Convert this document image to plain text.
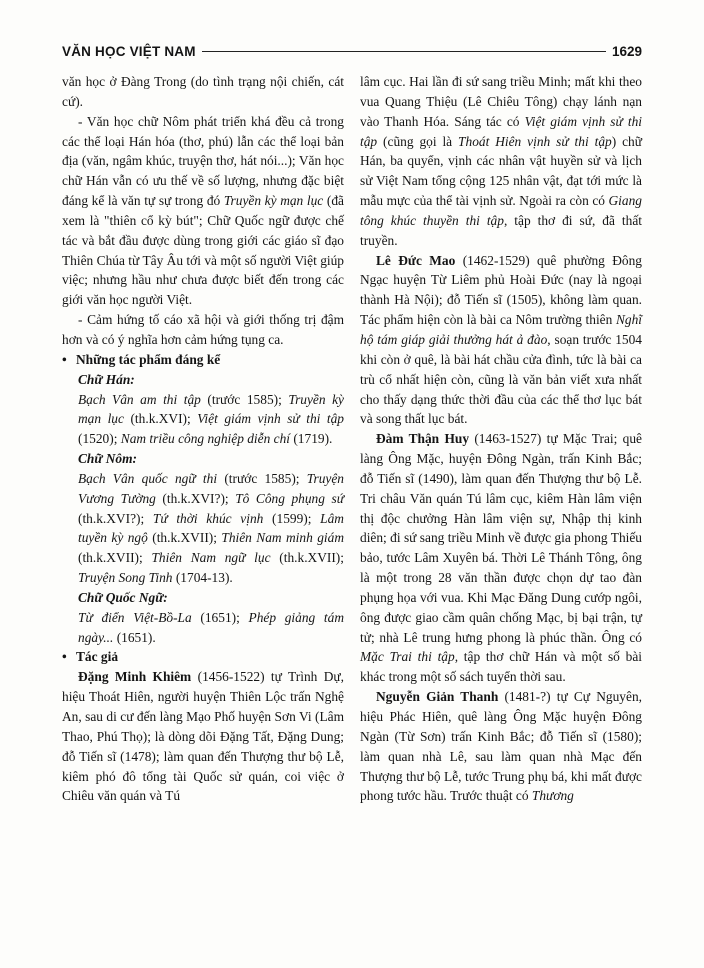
VĂN HỌC VIỆT NAM	1629

văn học ở Đàng Trong (do tình trạng nội chiến, cát cứ).

- Văn học chữ Nôm phát triển khá đều cả trong các thể loại Hán hóa (thơ, phú) lẫn các thể loại bản địa (văn, ngâm khúc, truyện thơ, hát nói...); Văn học chữ Hán vẫn có ưu thế về số lượng, nhưng đặc biệt đáng kể là văn tự sự trong đó Truyền kỳ mạn lục (đã xem là "thiên cổ kỳ bút"; Chữ Quốc ngữ được chế tác và bắt đầu được dùng trong giới các giáo sĩ đạo Thiên Chúa từ Tây Âu tới và một số người Việt giúp việc; nhưng hầu như chưa được biết đến trong các giới văn học người Việt.

- Cảm hứng tố cáo xã hội và giới thống trị đậm hơn và có ý nghĩa hơn cảm hứng tụng ca.

• Những tác phẩm đáng kể

Chữ Hán:

Bạch Vân am thi tập (trước 1585); Truyền kỳ mạn lục (th.k.XVI); Việt giám vịnh sử thi tập (1520); Nam triều công nghiệp diễn chí (1719).

Chữ Nôm:

Bạch Vân quốc ngữ thi (trước 1585); Truyện Vương Tường (th.k.XVI?); Tô Công phụng sứ (th.k.XVI?); Tứ thời khúc vịnh (1599); Lâm tuyền kỳ ngộ (th.k.XVII); Thiên Nam minh giám (th.k.XVII); Thiên Nam ngữ lục (th.k.XVII); Truyện Song Tinh (1704-13).

Chữ Quốc Ngữ:

Từ điển Việt-Bồ-La (1651); Phép giảng tám ngày... (1651).

• Tác giả

Đặng Minh Khiêm (1456-1522) tự Trình Dự, hiệu Thoát Hiên, người huyện Thiên Lộc trấn Nghệ An, sau di cư đến làng Mạo Phố huyện Sơn Vi (Lâm Thao, Phú Thọ); là dòng dõi Đặng Tất, Đặng Dung; đỗ Tiến sĩ (1478); làm quan đến Thượng thư bộ Lễ, kiêm phó đô tổng tài Quốc sử quán, coi việc ở Chiêu văn quán và Tú

lâm cục. Hai lần đi sứ sang triều Minh; mất khi theo vua Quang Thiệu (Lê Chiêu Tông) chạy lánh nạn vào Thanh Hóa. Sáng tác có Việt giám vịnh sử thi tập (cũng gọi là Thoát Hiên vịnh sử thi tập) chữ Hán, ba quyển, vịnh các nhân vật huyền sử và lịch sử Việt Nam tổng cộng 125 nhân vật, đạt tới mức là mẫu mực của thể tài vịnh sử. Ngoài ra còn có Giang tông khúc thuyền thi tập, tập thơ đi sứ, đã thất truyền.

Lê Đức Mao (1462-1529) quê phường Đông Ngạc huyện Từ Liêm phủ Hoài Đức (nay là ngoại thành Hà Nội); đỗ Tiến sĩ (1505), không làm quan. Tác phẩm hiện còn là bài ca Nôm trường thiên Nghĩ hộ tám giáp giải thưởng hát ả đào, soạn trước 1504 khi còn ở quê, là bài hát chầu cửa đình, tức là bài ca trù cổ nhất hiện còn, cũng là văn bản viết xưa nhất cho thấy dạng thức thời đầu của các thể thơ lục bát và song thất lục bát.

Đàm Thận Huy (1463-1527) tự Mặc Trai; quê làng Ông Mặc, huyện Đông Ngàn, trấn Kinh Bắc; đỗ Tiến sĩ (1490), làm quan đến Thượng thư bộ Lễ. Tri châu Văn quán Tú lâm cục, kiêm Hàn lâm viện thị độc chưởng Hàn lâm viện sự, Nhập thị kinh diên; đi sứ sang triều Minh về được gia phong Thiếu bảo, tước Lâm Xuyên bá. Thời Lê Thánh Tông, ông là một trong 28 văn thần được chọn dự tao đàn phụng họa với vua. Khi Mạc Đăng Dung cướp ngôi, ông được giao cầm quân chống Mạc, bị bại trận, tự tử; nhà Lê trung hưng phong là phúc thần. Ông có Mặc Trai thi tập, tập thơ chữ Hán và một số bài khác trong một số sách tuyển thời sau.

Nguyễn Giản Thanh (1481-?) tự Cự Nguyên, hiệu Phác Hiên, quê làng Ông Mặc huyện Đông Ngàn (Từ Sơn) trấn Kinh Bắc; đỗ Tiến sĩ (1580); làm quan nhà Lê, sau làm quan nhà Mạc đến Thượng thư bộ Lễ, tước Trung phụ bá, khi mất được phong tước hầu. Trước thuật có Thương
